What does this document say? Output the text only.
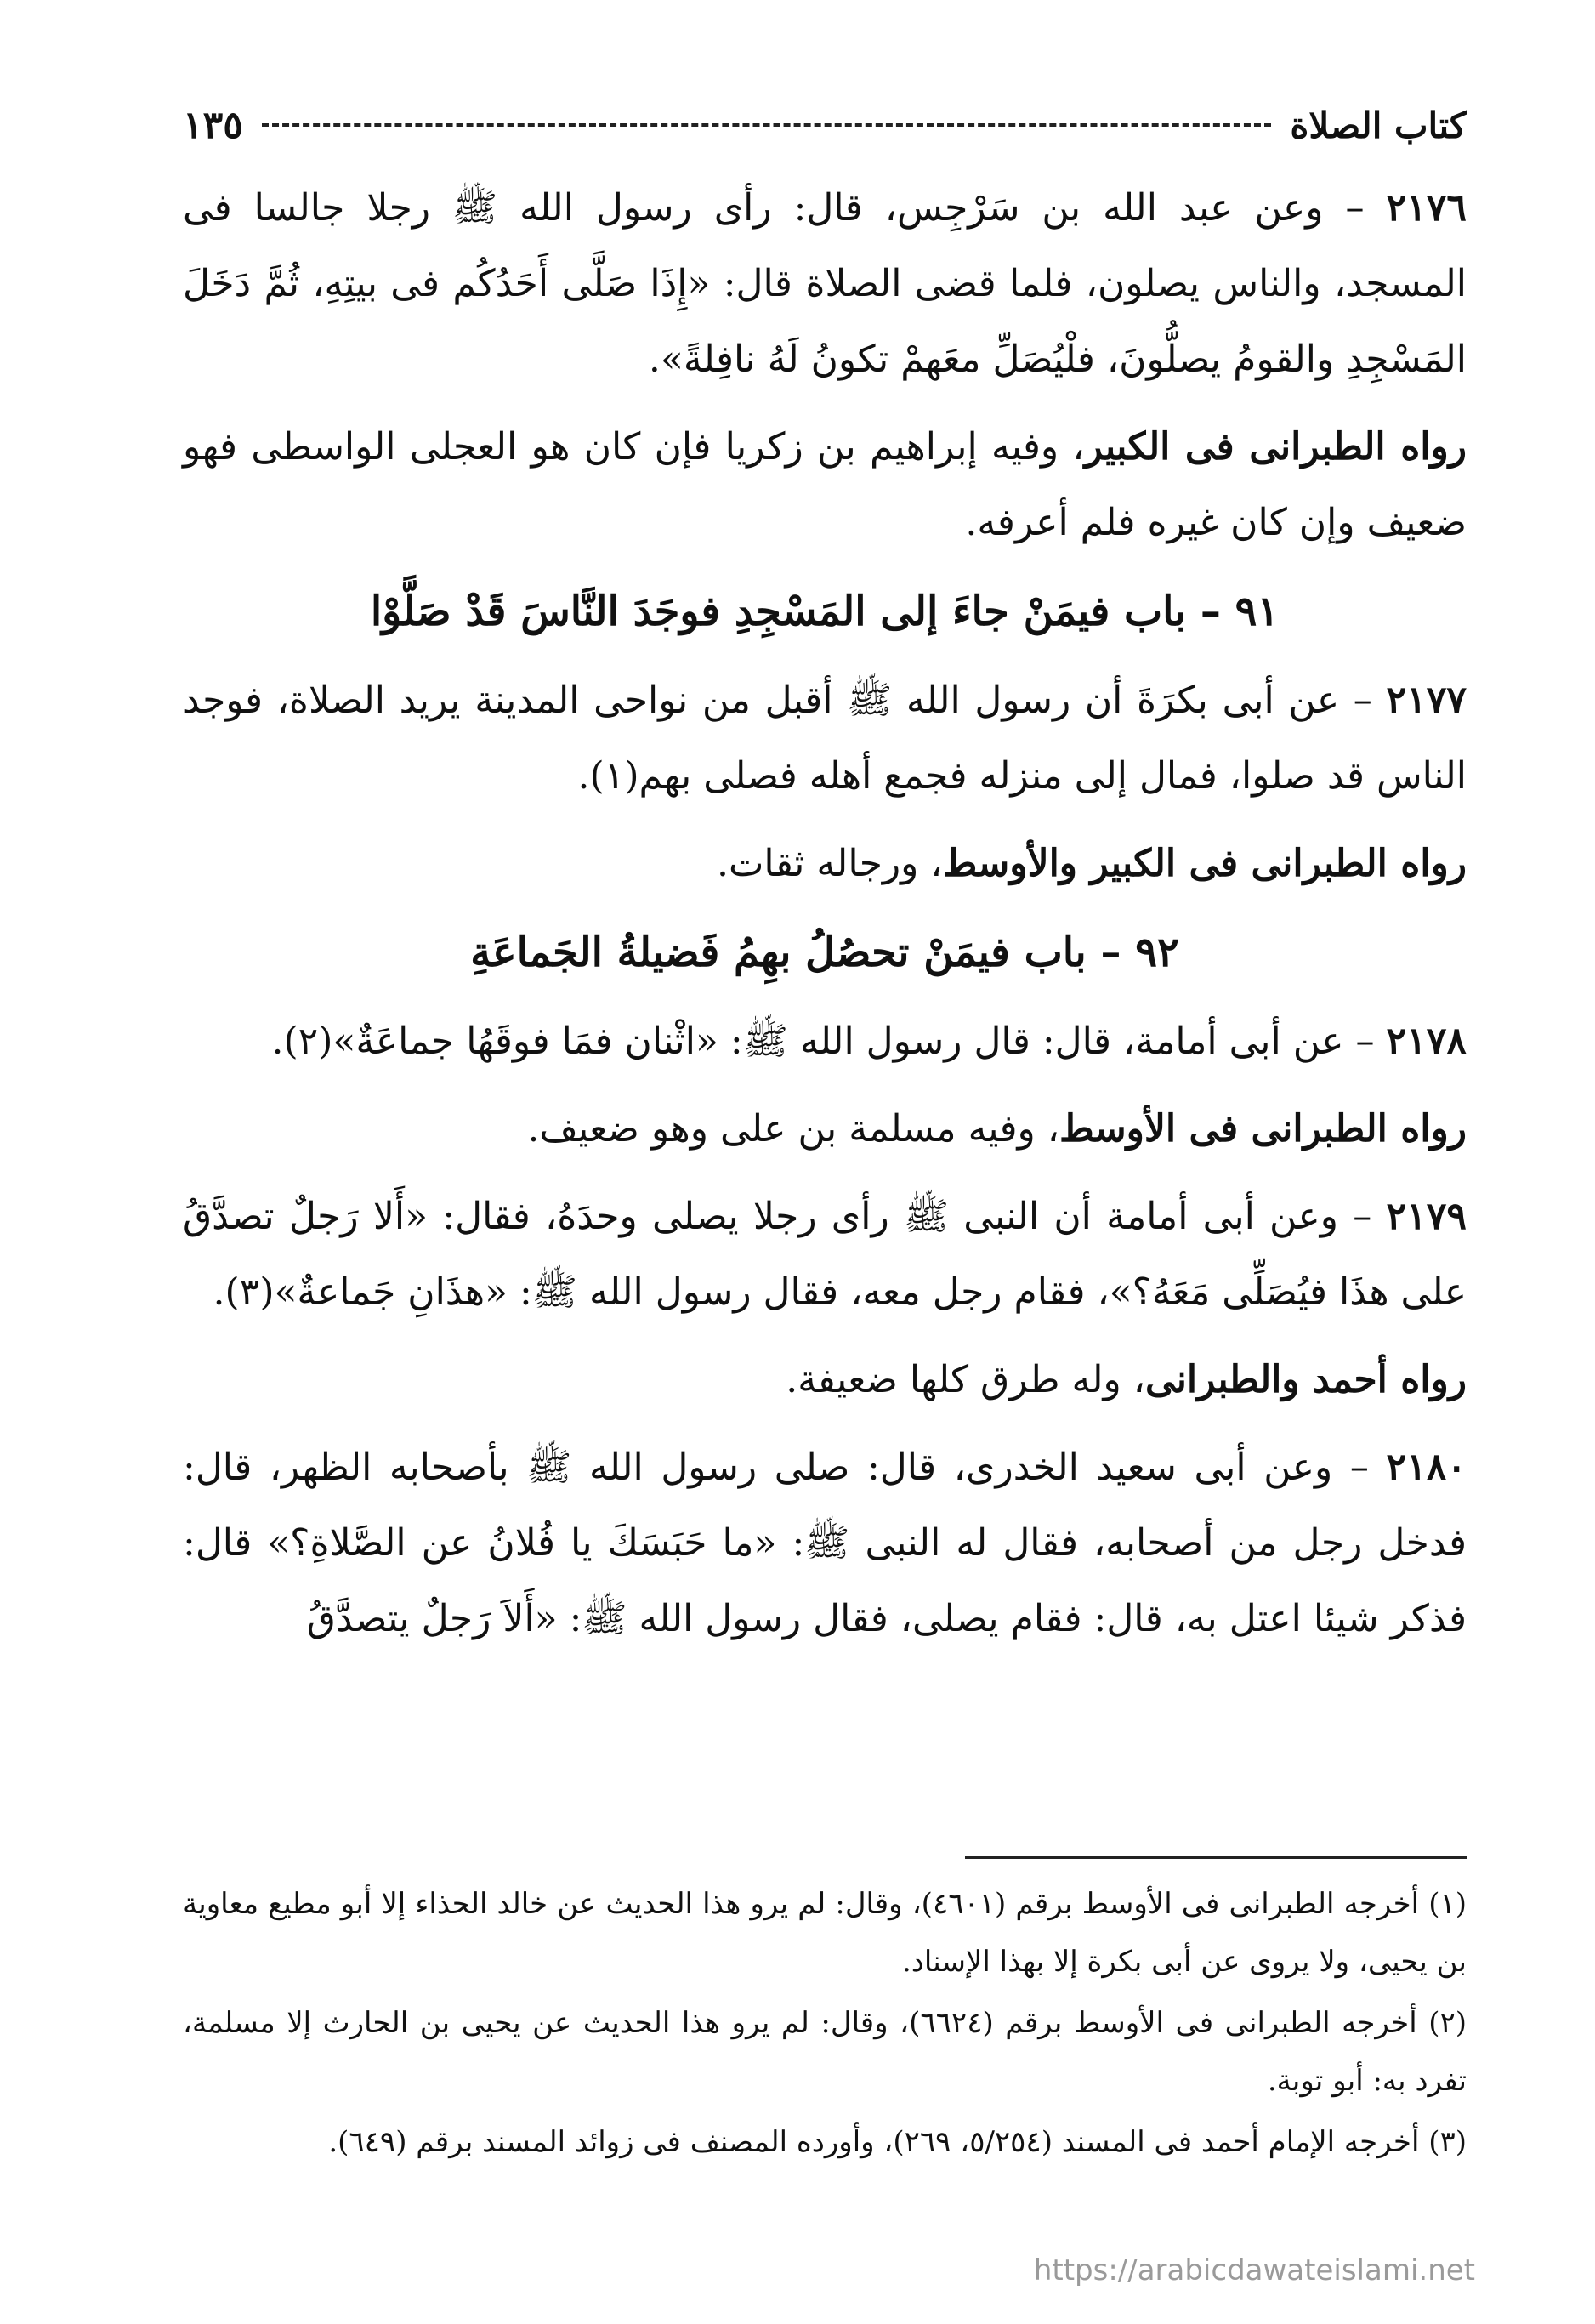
كتاب الصلاة
١٣٥

٢١٧٦ – وعن عبد الله بن سَرْجِس، قال: رأى رسول الله ﷺ رجلا جالسا فى المسجد، والناس يصلون، فلما قضى الصلاة قال: «إِذَا صَلَّى أَحَدُكُم فى بيتِهِ، ثُمَّ دَخَلَ المَسْجِدِ والقومُ يصلُّونَ، فلْيُصَلِّ معَهمْ تكونُ لَهُ نافِلةً».

رواه الطبرانى فى الكبير، وفيه إبراهيم بن زكريا فإن كان هو العجلى الواسطى فهو ضعيف وإن كان غيره فلم أعرفه.

٩١ – باب فيمَنْ جاءَ إلى المَسْجِدِ فوجَدَ النَّاسَ قَدْ صَلَّوْا

٢١٧٧ – عن أبى بكرَةَ أن رسول الله ﷺ أقبل من نواحى المدينة يريد الصلاة، فوجد الناس قد صلوا، فمال إلى منزله فجمع أهله فصلى بهم(١).

رواه الطبرانى فى الكبير والأوسط، ورجاله ثقات.

٩٢ – باب فيمَنْ تحصُلُ بهِمُ فَضيلةُ الجَماعَةِ

٢١٧٨ – عن أبى أمامة، قال: قال رسول الله ﷺ: «اثْنان فمَا فوقَهُا جماعَةٌ»(٢).

رواه الطبرانى فى الأوسط، وفيه مسلمة بن على وهو ضعيف.

٢١٧٩ – وعن أبى أمامة أن النبى ﷺ رأى رجلا يصلى وحدَهُ، فقال: «أَلا رَجلٌ تصدَّقُ على هذَا فيُصَلِّى مَعَهُ؟»، فقام رجل معه، فقال رسول الله ﷺ: «هذَانِ جَماعةٌ»(٣).

رواه أحمد والطبرانى، وله طرق كلها ضعيفة.

٢١٨٠ – وعن أبى سعيد الخدرى، قال: صلى رسول الله ﷺ بأصحابه الظهر، قال: فدخل رجل من أصحابه، فقال له النبى ﷺ: «ما حَبَسَكَ يا فُلانُ عن الصَّلاةِ؟» قال: فذكر شيئا اعتل به، قال: فقام يصلى، فقال رسول الله ﷺ: «أَلاَ رَجلٌ يتصدَّقُ

(١) أخرجه الطبرانى فى الأوسط برقم (٤٦٠١)، وقال: لم يرو هذا الحديث عن خالد الحذاء إلا أبو مطيع معاوية بن يحيى، ولا يروى عن أبى بكرة إلا بهذا الإسناد.

(٢) أخرجه الطبرانى فى الأوسط برقم (٦٦٢٤)، وقال: لم يرو هذا الحديث عن يحيى بن الحارث إلا مسلمة، تفرد به: أبو توبة.

(٣) أخرجه الإمام أحمد فى المسند (٥/٢٥٤، ٢٦٩)، وأورده المصنف فى زوائد المسند برقم (٦٤٩).

https://arabicdawateislami.net
